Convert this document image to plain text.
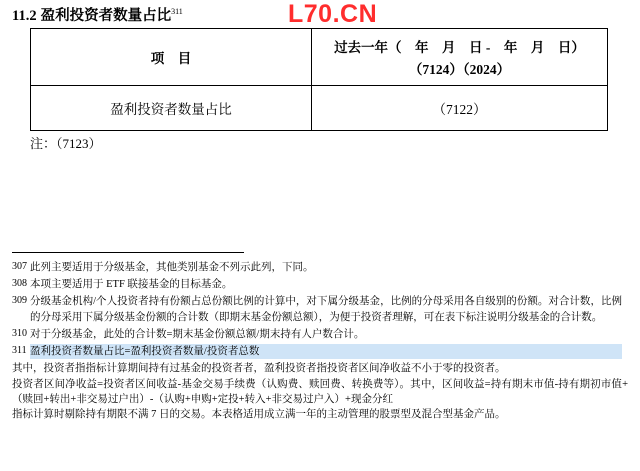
11.2 盈利投资者数量占比$^{311}$	L70.CN
项　目	过去一年（　年　月　日 -　年　月　日）
（7124）（2024）

盈利投资者数量占比	（7122）
注：（7123）
307 此列主要适用于分级基金，其他类别基金不列示此列，下同。
308 本项主要适用于 ETF 联接基金的目标基金。
309 分级基金机构/个人投资者持有份额占总份额比例的计算中，对下属分级基金，比例的分母采用各自级别的份额。对合计数，比例的分母采用下属分级基金份额的合计数（即期末基金份额总额），为便于投资者理解，可在表下标注说明分级基金的合计数。
310 对于分级基金，此处的合计数=期末基金份额总额/期末持有人户数合计。
311 盈利投资者数量占比=盈利投资者数量/投资者总数
其中，投资者指指标计算期间持有过基金的投资者者，盈利投资者指投资者区间净收益不小于零的投资者。
投资者区间净收益=投资者区间收益-基金交易手续费（认购费、赎回费、转换费等）。其中，区间收益=持有期末市值-持有期初市值+（赎回+转出+非交易过户出）-（认购+申购+定投+转入+非交易过户入）+现金分红
指标计算时剔除持有期限不满 7 日的交易。本表格适用成立满一年的主动管理的股票型及混合型基金产品。
